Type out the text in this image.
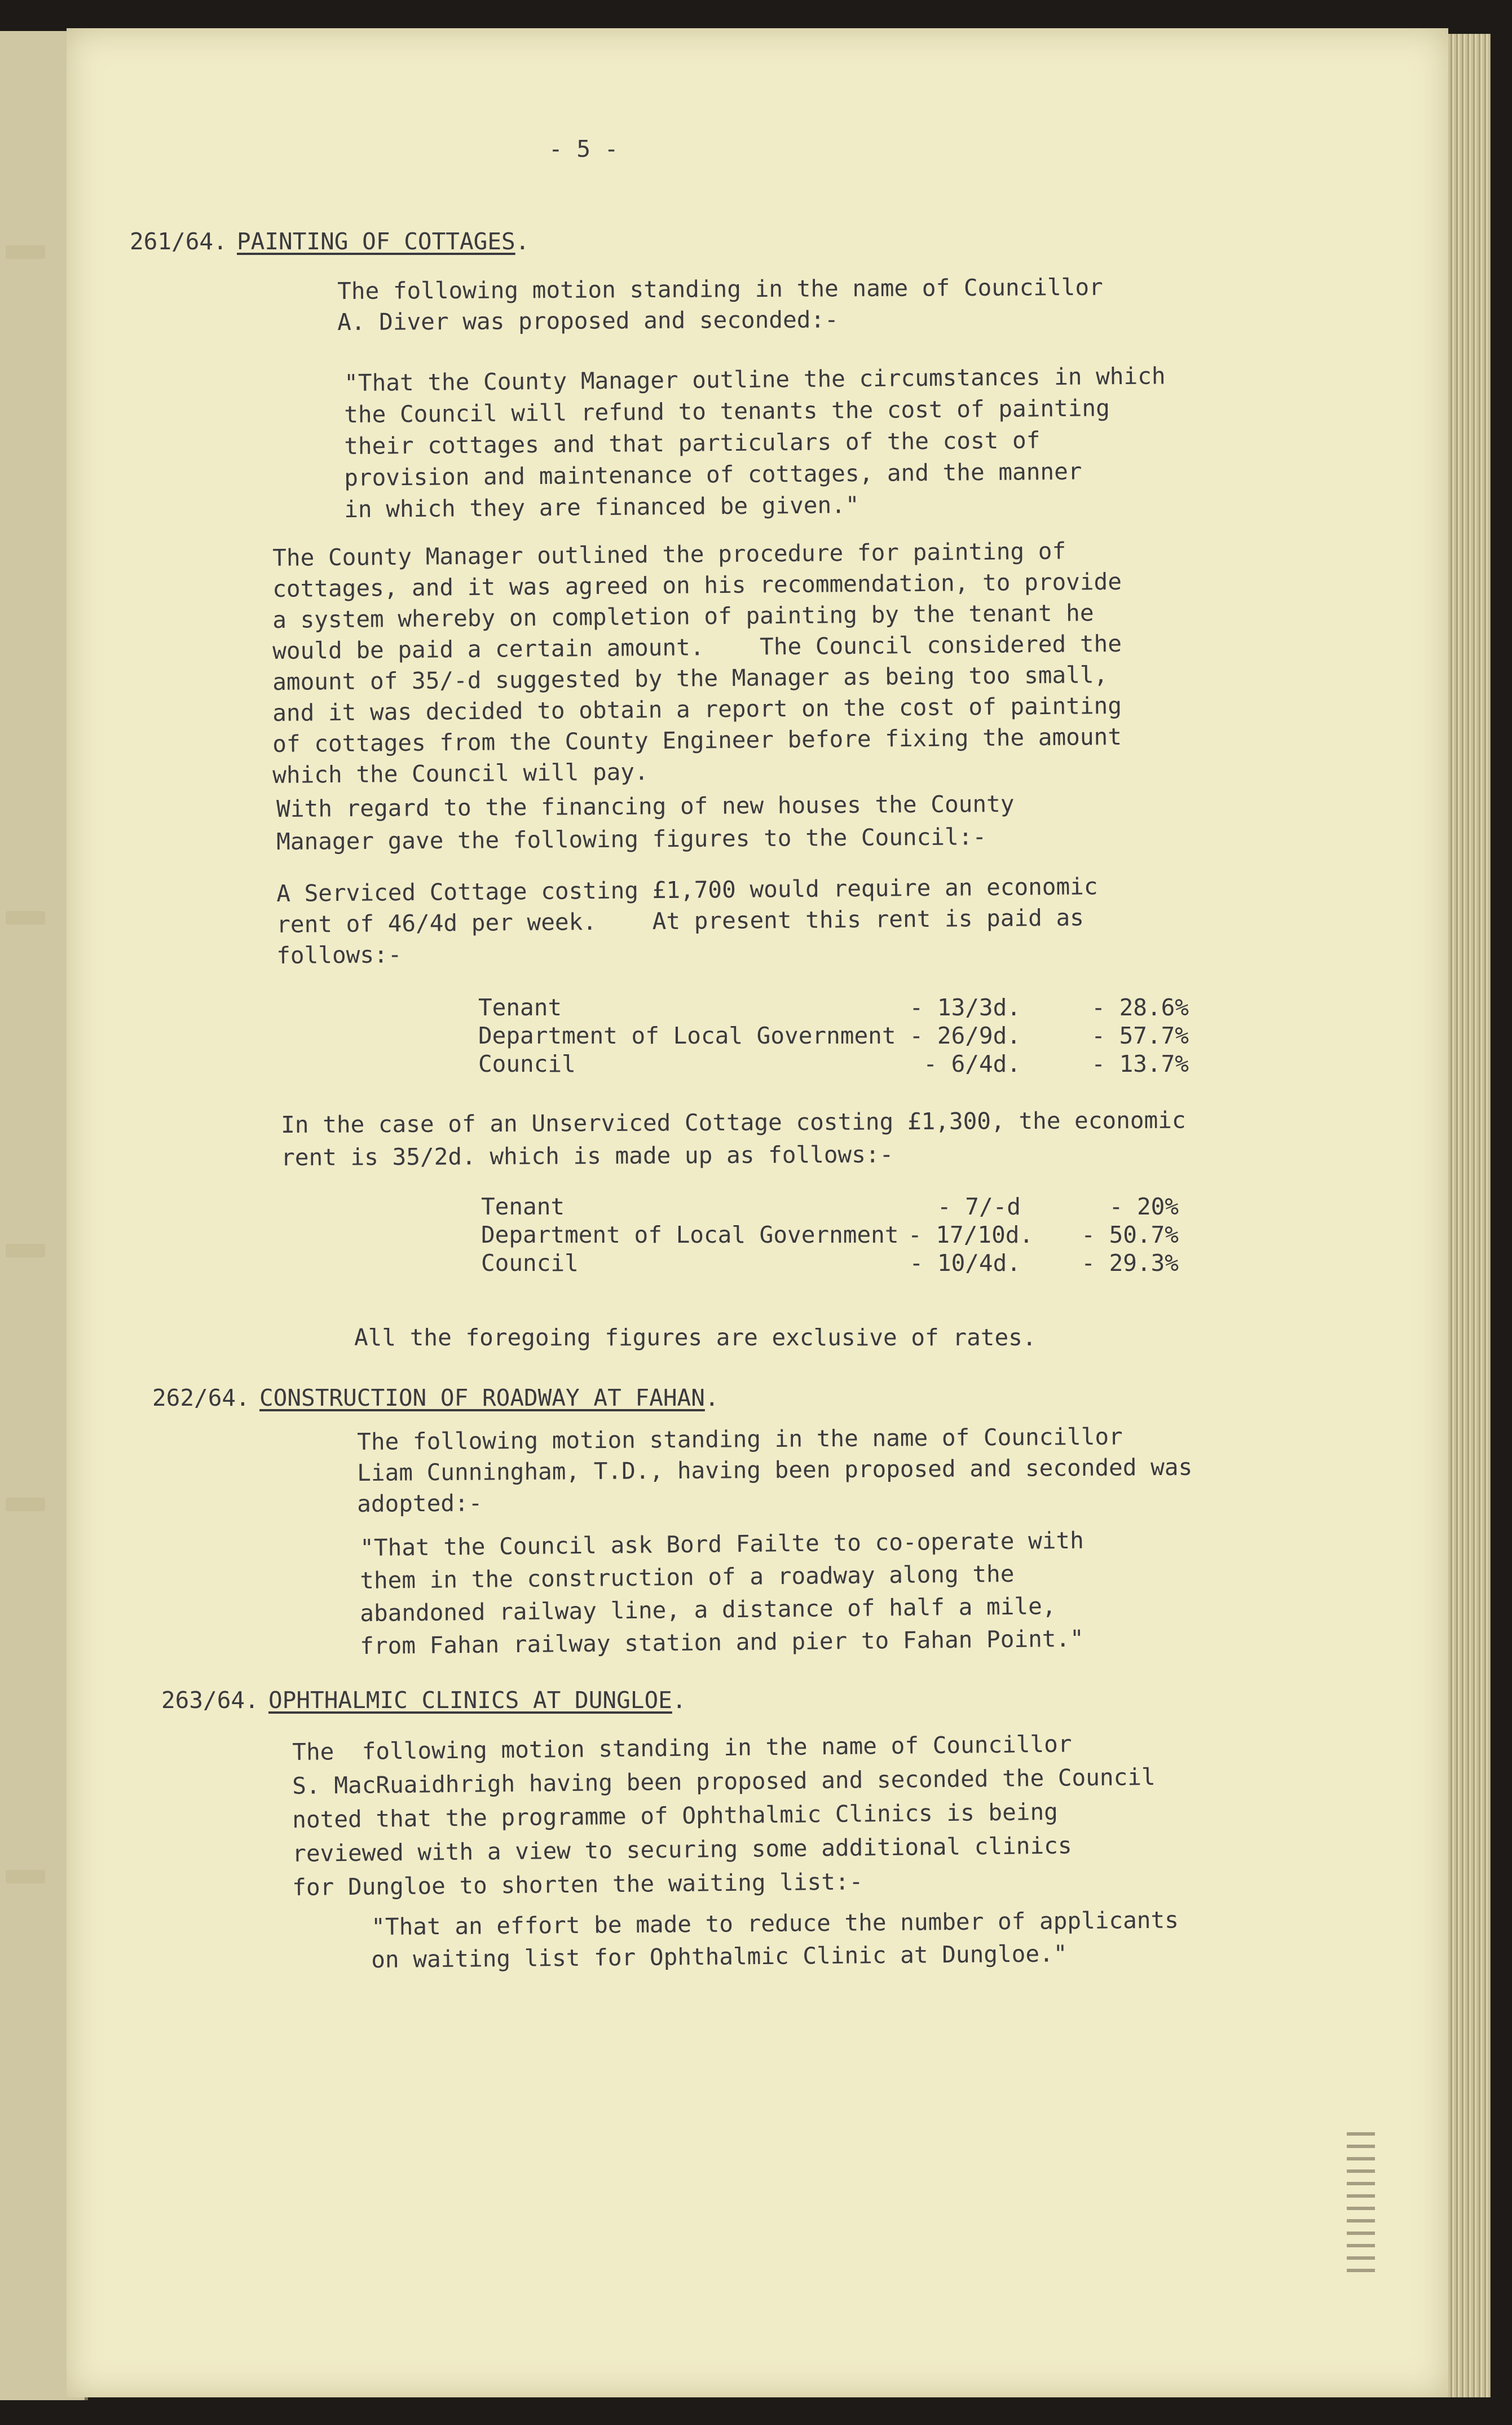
- 5 -
261/64. PAINTING OF COTTAGES .
The following motion standing in the name of Councillor
A. Diver was proposed and seconded:-
"That the County Manager outline the circumstances in which
the Council will refund to tenants the cost of painting
their cottages and that particulars of the cost of
provision and maintenance of cottages, and the manner
in which they are financed be given."
The County Manager outlined the procedure for painting of
cottages, and it was agreed on his recommendation, to provide
a system whereby on completion of painting by the tenant he
would be paid a certain amount.    The Council considered the
amount of 35/-d suggested by the Manager as being too small,
and it was decided to obtain a report on the cost of painting
of cottages from the County Engineer before fixing the amount
which the Council will pay.
With regard to the financing of new houses the County
Manager gave the following figures to the Council:-
A Serviced Cottage costing £1,700 would require an economic
rent of 46/4d per week.    At present this rent is paid as
follows:-
Tenant	- 13/3d.	- 28.6%
Department of Local Government - 26/9d.	- 57.7%
Council	- 6/4d.	- 13.7%
In the case of an Unserviced Cottage costing £1,300, the economic
rent is 35/2d. which is made up as follows:-
Tenant	- 7/-d	- 20%
Department of Local Government - 17/10d. - 50.7%
Council	- 10/4d.	- 29.3%
All the foregoing figures are exclusive of rates.
262/64. CONSTRUCTION OF ROADWAY AT FAHAN .
The following motion standing in the name of Councillor
Liam Cunningham, T.D., having been proposed and seconded was
adopted:-
"That the Council ask Bord Failte to co-operate with
them in the construction of a roadway along the
abandoned railway line, a distance of half a mile,
from Fahan railway station and pier to Fahan Point."
263/64. OPHTHALMIC CLINICS AT DUNGLOE .
The  following motion standing in the name of Councillor
S. MacRuaidhrigh having been proposed and seconded the Council
noted that the programme of Ophthalmic Clinics is being
reviewed with a view to securing some additional clinics
for Dungloe to shorten the waiting list:-
"That an effort be made to reduce the number of applicants
on waiting list for Ophthalmic Clinic at Dungloe."
